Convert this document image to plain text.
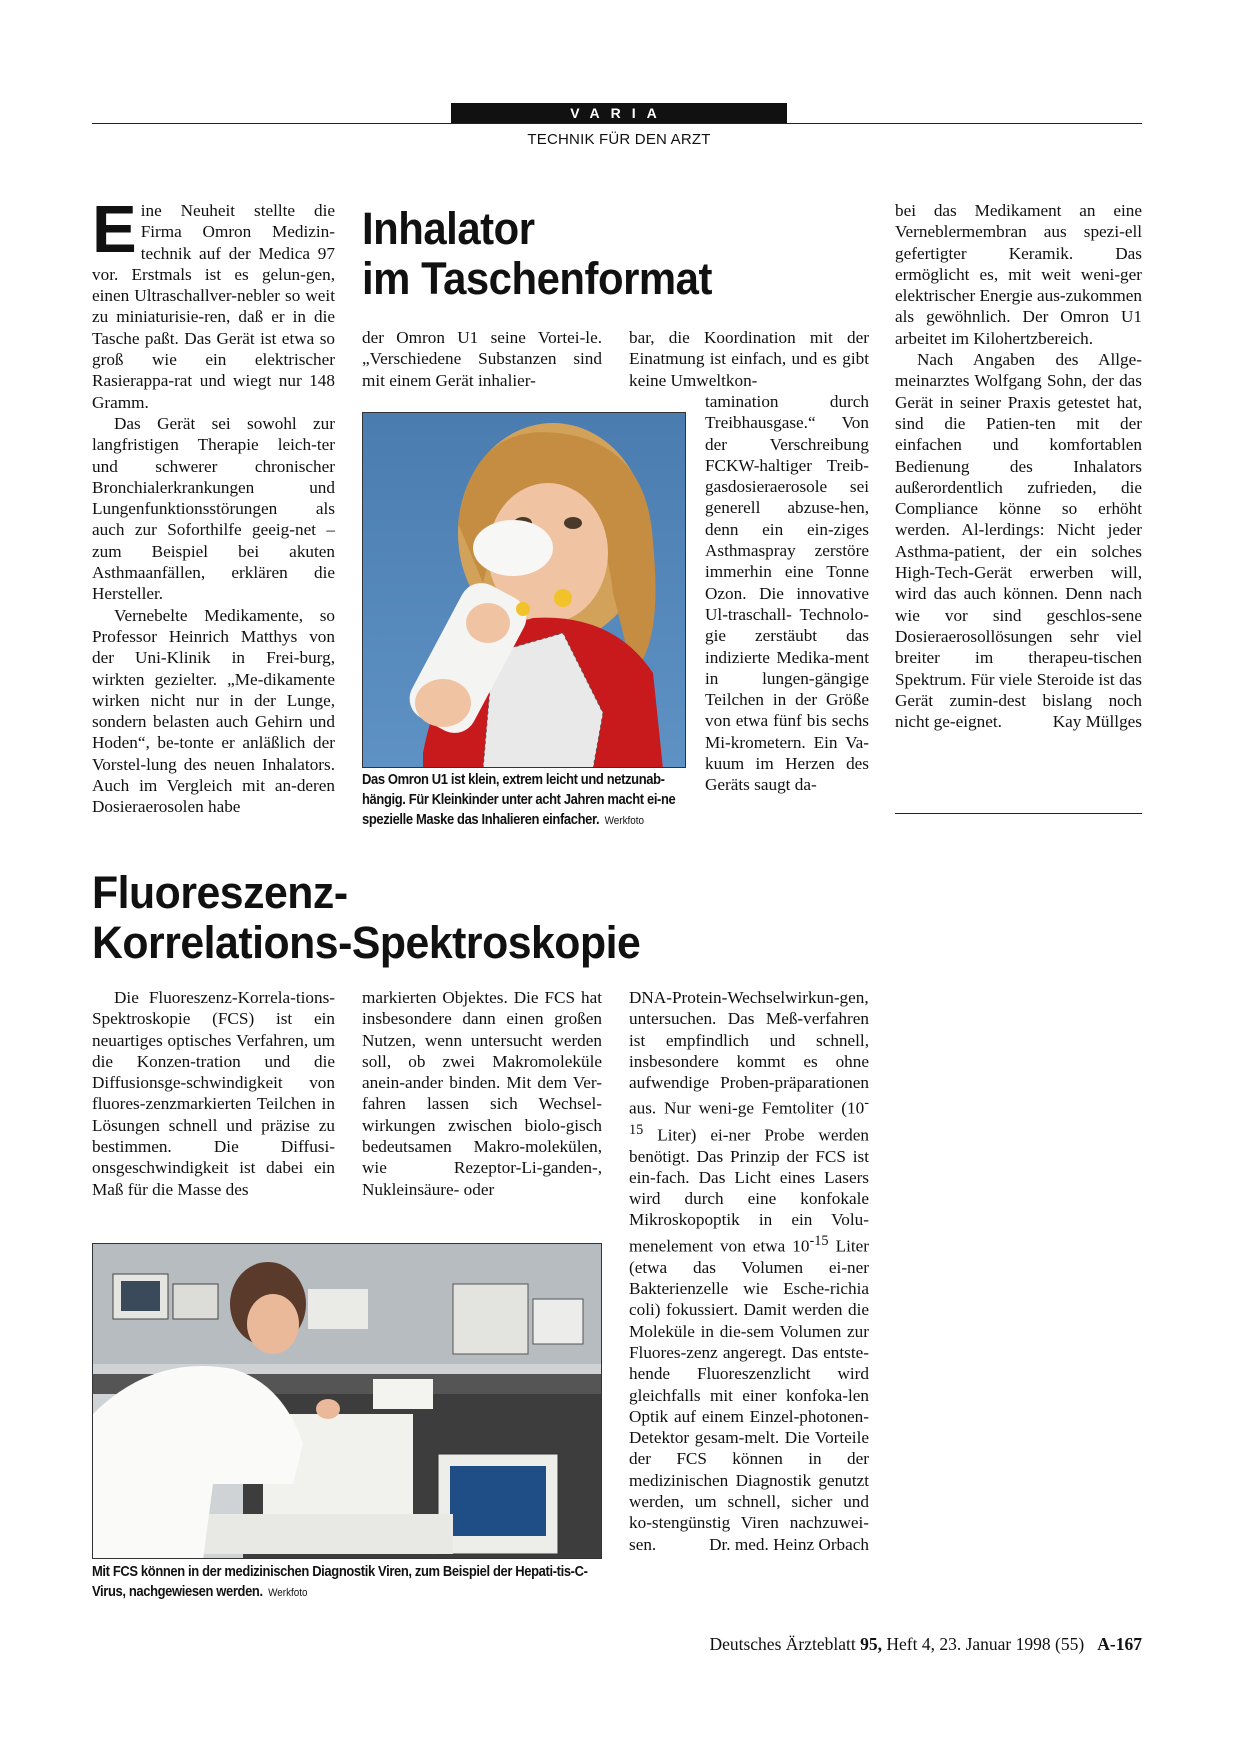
VARIA
TECHNIK FÜR DEN ARZT

Eine Neuheit stellte die Firma Omron Medizin-technik auf der Medica 97 vor. Erstmals ist es gelun-gen, einen Ultraschallver-nebler so weit zu miniaturisie-ren, daß er in die Tasche paßt. Das Gerät ist etwa so groß wie ein elektrischer Rasierappa-rat und wiegt nur 148 Gramm.

Das Gerät sei sowohl zur langfristigen Therapie leich-ter und schwerer chronischer Bronchialerkrankungen und Lungenfunktionsstörungen als auch zur Soforthilfe geeig-net – zum Beispiel bei akuten Asthmaanfällen, erklären die Hersteller.

Vernebelte Medikamente, so Professor Heinrich Matthys von der Uni-Klinik in Frei-burg, wirkten gezielter. „Me-dikamente wirken nicht nur in der Lunge, sondern belasten auch Gehirn und Hoden“, be-tonte er anläßlich der Vorstel-lung des neuen Inhalators. Auch im Vergleich mit an-deren Dosieraerosolen habe

Inhalator
im Taschenformat
der Omron U1 seine Vortei-le. „Verschiedene Substanzen sind mit einem Gerät inhalier-
bar, die Koordination mit der Einatmung ist einfach, und es gibt keine Umweltkon-
Das Omron U1 ist klein, extrem leicht und netzunab-hängig. Für Kleinkinder unter acht Jahren macht ei-ne spezielle Maske das Inhalieren einfacher. Werkfoto
tamination durch Treibhausgase.“ Von der Verschreibung FCKW-haltiger Treib-gasdosieraerosole sei generell abzuse-hen, denn ein ein-ziges Asthmaspray zerstöre immerhin eine Tonne Ozon. Die innovative Ul-traschall- Technolo-gie zerstäubt das indizierte Medika-ment in lungen-gängige Teilchen in der Größe von etwa fünf bis sechs Mi-krometern. Ein Va-kuum im Herzen des Geräts saugt da-

bei das Medikament an eine Verneblermembran aus spezi-ell gefertigter Keramik. Das ermöglicht es, mit weit weni-ger elektrischer Energie aus-zukommen als gewöhnlich. Der Omron U1 arbeitet im Kilohertzbereich.

Nach Angaben des Allge-meinarztes Wolfgang Sohn, der das Gerät in seiner Praxis getestet hat, sind die Patien-ten mit der einfachen und komfortablen Bedienung des Inhalators außerordentlich zufrieden, die Compliance könne so erhöht werden. Al-lerdings: Nicht jeder Asthma-patient, der ein solches High-Tech-Gerät erwerben will, wird das auch können. Denn nach wie vor sind geschlos-sene Dosieraerosollösungen sehr viel breiter im therapeu-tischen Spektrum. Für viele Steroide ist das Gerät zumin-dest bislang noch nicht ge-eignet.	Kay Müllges

Fluoreszenz-
Korrelations-Spektroskopie

Die Fluoreszenz-Korrela-tions-Spektroskopie (FCS) ist ein neuartiges optisches Verfahren, um die Konzen-tration und die Diffusionsge-schwindigkeit von fluores-zenzmarkierten Teilchen in Lösungen schnell und präzise zu bestimmen. Die Diffusi-onsgeschwindigkeit ist dabei ein Maß für die Masse des

markierten Objektes. Die FCS hat insbesondere dann einen großen Nutzen, wenn untersucht werden soll, ob zwei Makromoleküle anein-ander binden. Mit dem Ver-fahren lassen sich Wechsel-wirkungen zwischen biolo-gisch bedeutsamen Makro-molekülen, wie Rezeptor-Li-ganden-, Nukleinsäure- oder
Mit FCS können in der medizinischen Diagnostik Viren, zum Beispiel der Hepati-tis-C-Virus, nachgewiesen werden. Werkfoto
DNA-Protein-Wechselwirkun-gen, untersuchen. Das Meß-verfahren ist empfindlich und schnell, insbesondere kommt es ohne aufwendige Proben-präparationen aus. Nur weni-ge Femtoliter ($10^{-15}$ Liter) ei-ner Probe werden benötigt. Das Prinzip der FCS ist ein-fach. Das Licht eines Lasers wird durch eine konfokale Mikroskopoptik in ein Volu-menelement von etwa $10^{-15}$ Liter (etwa das Volumen ei-ner Bakterienzelle wie Esche-richia coli) fokussiert. Damit werden die Moleküle in die-sem Volumen zur Fluores-zenz angeregt. Das entste-hende Fluoreszenzlicht wird gleichfalls mit einer konfoka-len Optik auf einem Einzel-photonen-Detektor gesam-melt. Die Vorteile der FCS können in der medizinischen Diagnostik genutzt werden, um schnell, sicher und ko-stengünstig Viren nachzuwei-sen.	Dr. med. Heinz Orbach
Deutsches Ärzteblatt 95, Heft 4, 23. Januar 1998 (55) A-167
